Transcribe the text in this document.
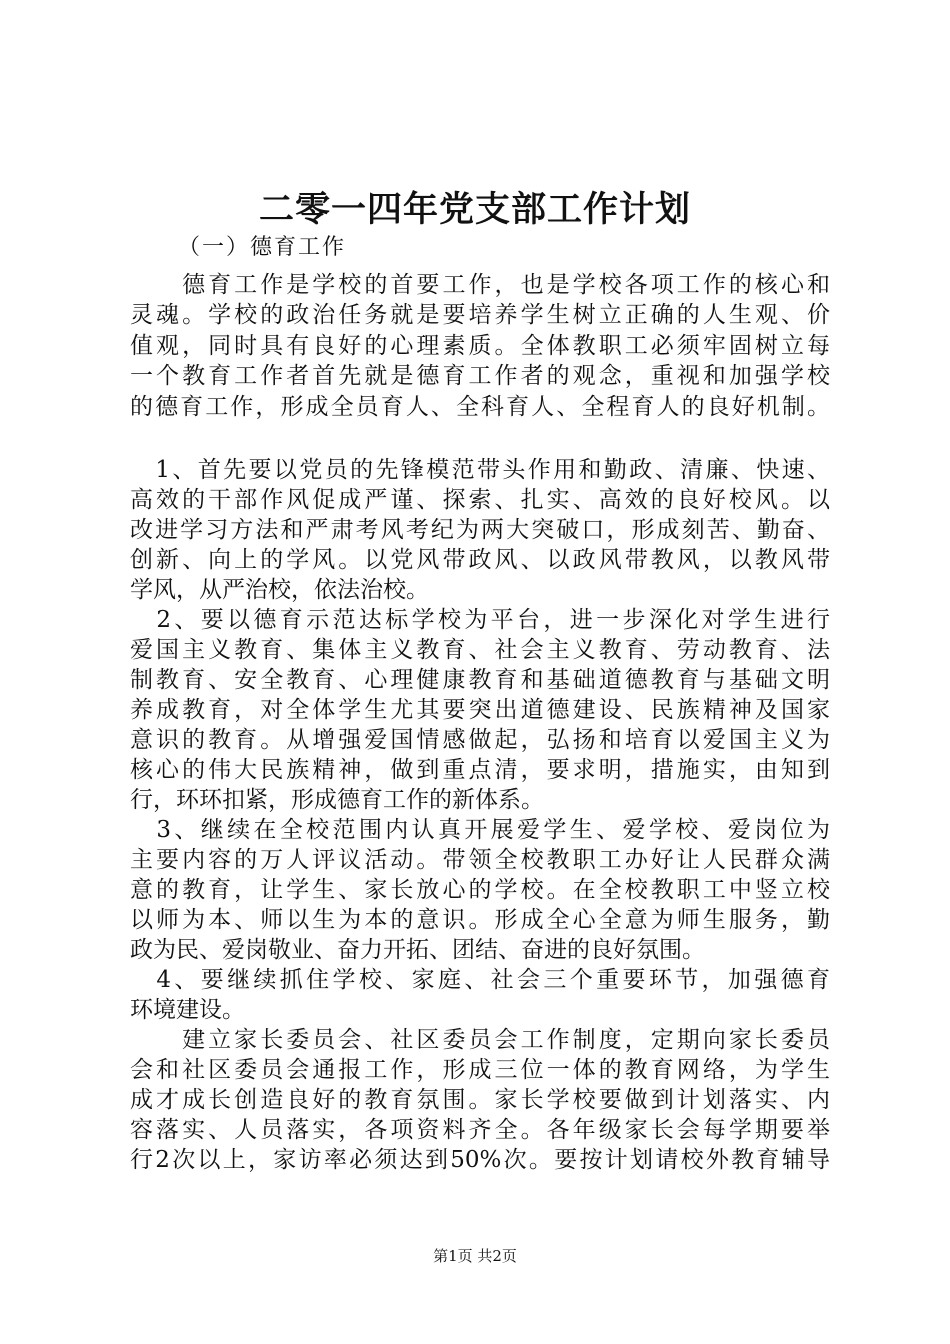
二零一四年党支部工作计划
（一）德育工作
　　德育工作是学校的首要工作，也是学校各项工作的核心和
灵魂。学校的政治任务就是要培养学生树立正确的人生观、价
值观，同时具有良好的心理素质。全体教职工必须牢固树立每
一个教育工作者首先就是德育工作者的观念，重视和加强学校
的德育工作，形成全员育人、全科育人、全程育人的良好机制。
　1、首先要以党员的先锋模范带头作用和勤政、清廉、快速、
高效的干部作风促成严谨、探索、扎实、高效的良好校风。以
改进学习方法和严肃考风考纪为两大突破口，形成刻苦、勤奋、
创新、向上的学风。以党风带政风、以政风带教风，以教风带
学风，从严治校，依法治校。
　2、要以德育示范达标学校为平台，进一步深化对学生进行
爱国主义教育、集体主义教育、社会主义教育、劳动教育、法
制教育、安全教育、心理健康教育和基础道德教育与基础文明
养成教育，对全体学生尤其要突出道德建设、民族精神及国家
意识的教育。从增强爱国情感做起，弘扬和培育以爱国主义为
核心的伟大民族精神，做到重点清，要求明，措施实，由知到
行，环环扣紧，形成德育工作的新体系。
　3、继续在全校范围内认真开展爱学生、爱学校、爱岗位为
主要内容的万人评议活动。带领全校教职工办好让人民群众满
意的教育，让学生、家长放心的学校。在全校教职工中竖立校
以师为本、师以生为本的意识。形成全心全意为师生服务，勤
政为民、爱岗敬业、奋力开拓、团结、奋进的良好氛围。
　4、要继续抓住学校、家庭、社会三个重要环节，加强德育
环境建设。
　　建立家长委员会、社区委员会工作制度，定期向家长委员
会和社区委员会通报工作，形成三位一体的教育网络，为学生
成才成长创造良好的教育氛围。家长学校要做到计划落实、内
容落实、人员落实，各项资料齐全。各年级家长会每学期要举
行2次以上，家访率必须达到50%次。要按计划请校外教育辅导
第1页 共2页
